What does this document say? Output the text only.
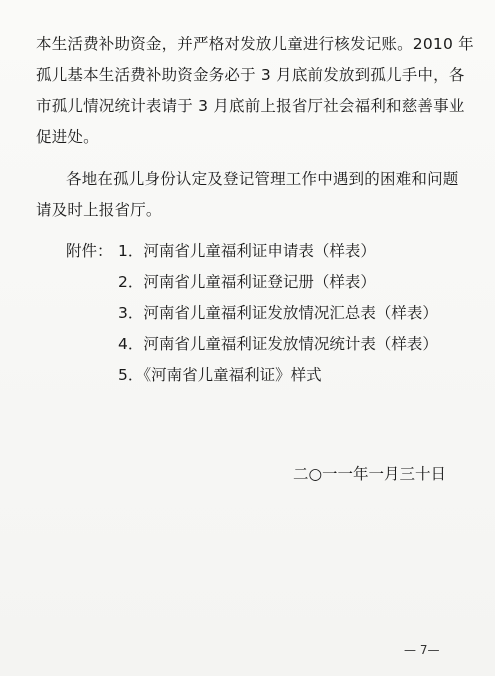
本生活费补助资金，并严格对发放儿童进行核发记账。2010 年
孤儿基本生活费补助资金务必于 3 月底前发放到孤儿手中，各
市孤儿情况统计表请于 3 月底前上报省厅社会福利和慈善事业
促进处。
各地在孤儿身份认定及登记管理工作中遇到的困难和问题
请及时上报省厅。
附件： 1．河南省儿童福利证申请表（样表）
2．河南省儿童福利证登记册（样表）
3．河南省儿童福利证发放情况汇总表（样表）
4．河南省儿童福利证发放情况统计表（样表）
5．《河南省儿童福利证》样式
二○一一年一月三十日
— 7—
